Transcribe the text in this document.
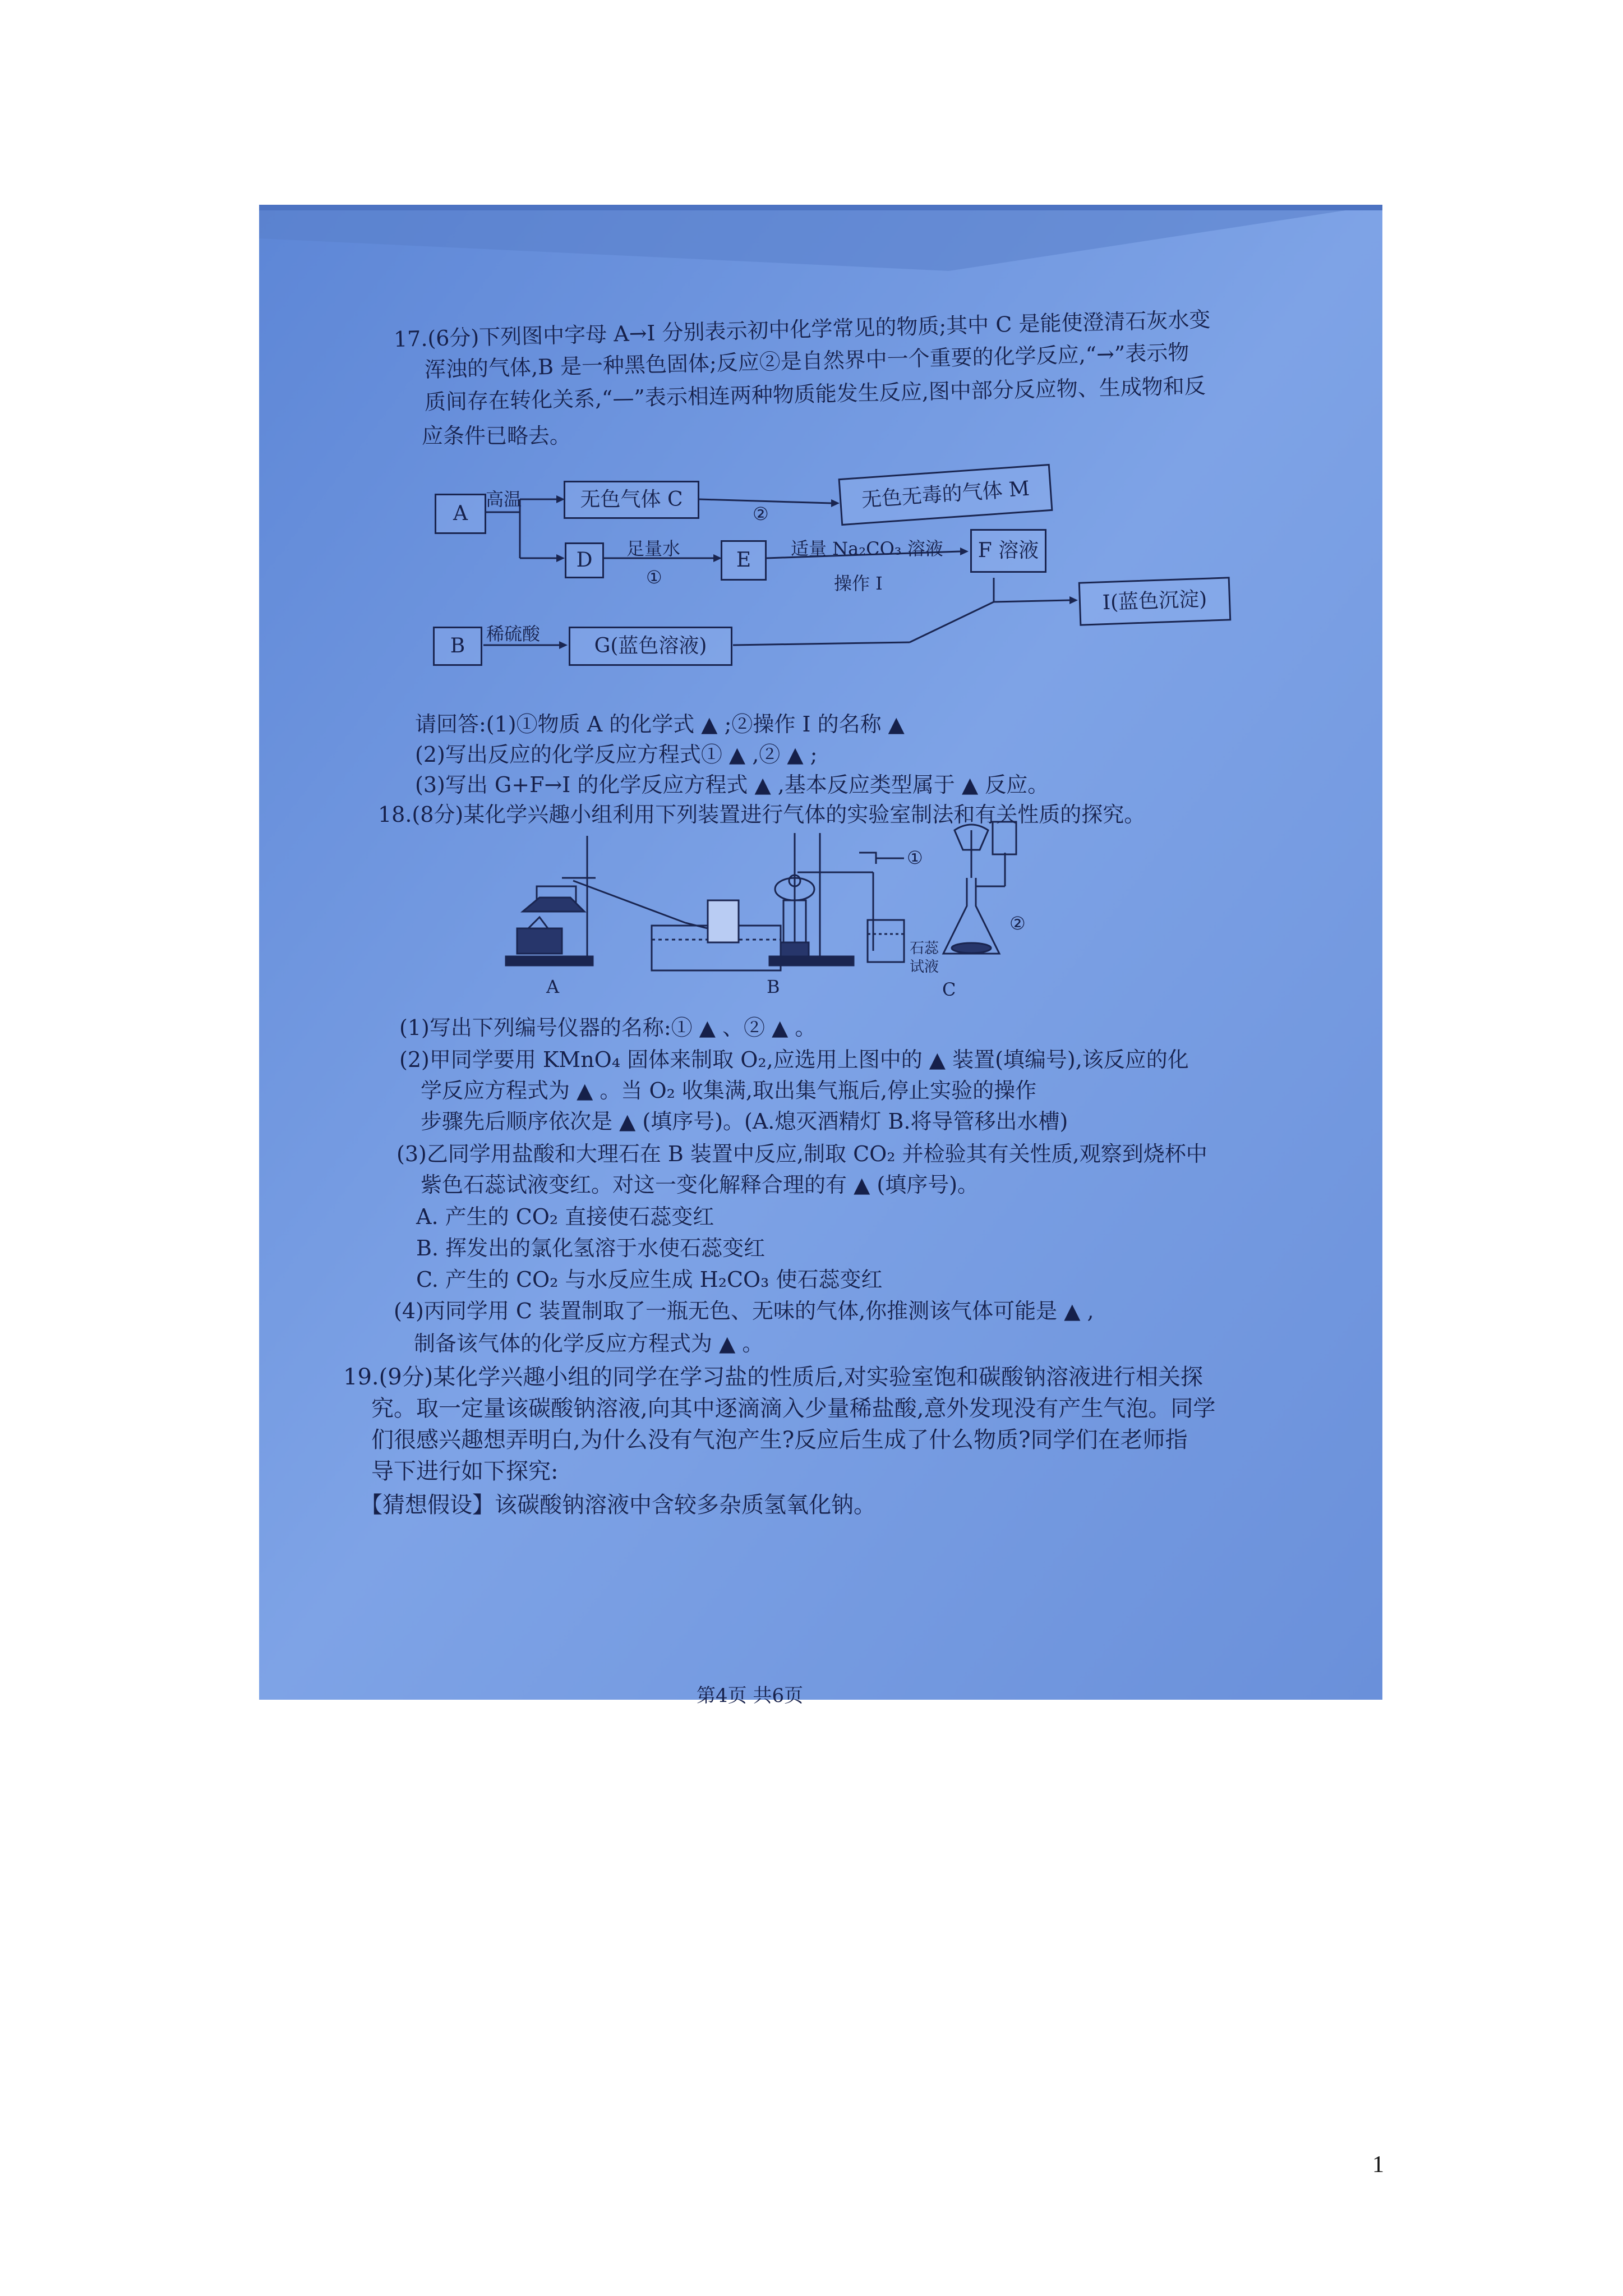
17.(6分)下列图中字母 A→I 分别表示初中化学常见的物质;其中 C 是能使澄清石灰水变
浑浊的气体,B 是一种黑色固体;反应②是自然界中一个重要的化学反应,“→”表示物
质间存在转化关系,“—”表示相连两种物质能发生反应,图中部分反应物、生成物和反
应条件已略去。
A
高温	无色气体 C
②
无色无毒的气体 M
D	足量水
①
E	适量 Na₂CO₃ 溶液
操作 I
F 溶液
I(蓝色沉淀)
B
稀硫酸
G(蓝色溶液)
请回答:(1)①物质 A 的化学式 ▲ ;②操作 I 的名称 ▲
(2)写出反应的化学反应方程式① ▲ ,② ▲ ;
(3)写出 G+F→I 的化学反应方程式 ▲ ,基本反应类型属于 ▲ 反应。
18.(8分)某化学兴趣小组利用下列装置进行气体的实验室制法和有关性质的探究。
A	B	C
①
②
石蕊
试液
(1)写出下列编号仪器的名称:① ▲ 、② ▲ 。
(2)甲同学要用 KMnO₄ 固体来制取 O₂,应选用上图中的 ▲ 装置(填编号),该反应的化
学反应方程式为 ▲ 。当 O₂ 收集满,取出集气瓶后,停止实验的操作
步骤先后顺序依次是 ▲ (填序号)。(A.熄灭酒精灯 B.将导管移出水槽)
(3)乙同学用盐酸和大理石在 B 装置中反应,制取 CO₂ 并检验其有关性质,观察到烧杯中
紫色石蕊试液变红。对这一变化解释合理的有 ▲ (填序号)。
A. 产生的 CO₂ 直接使石蕊变红
B. 挥发出的氯化氢溶于水使石蕊变红
C. 产生的 CO₂ 与水反应生成 H₂CO₃ 使石蕊变红
(4)丙同学用 C 装置制取了一瓶无色、无味的气体,你推测该气体可能是 ▲ ,
制备该气体的化学反应方程式为 ▲ 。
19.(9分)某化学兴趣小组的同学在学习盐的性质后,对实验室饱和碳酸钠溶液进行相关探
究。取一定量该碳酸钠溶液,向其中逐滴滴入少量稀盐酸,意外发现没有产生气泡。同学
们很感兴趣想弄明白,为什么没有气泡产生?反应后生成了什么物质?同学们在老师指
导下进行如下探究:
【猜想假设】该碳酸钠溶液中含较多杂质氢氧化钠。
第4页 共6页
1
